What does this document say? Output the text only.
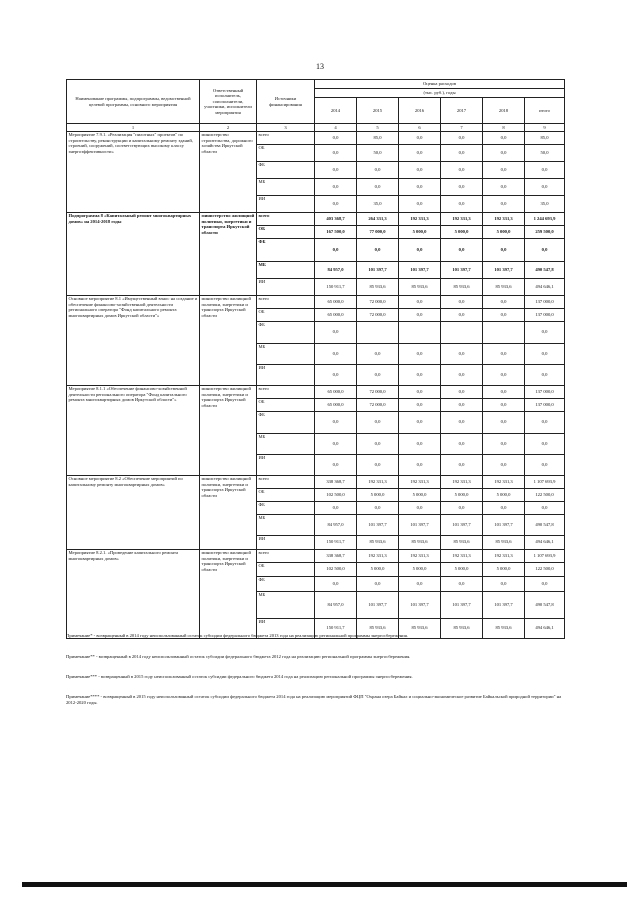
13
Наименование программы, подпрограммы, ведомственной целевой программы, основного мероприятия	Ответственный исполнитель, соисполнители, участники, исполнители мероприятия	Источники финансирования	Оценка расходов					
			(тыс. руб.), годы					
			2014	2015	2016	2017	2018	итого
1	2	3	4	5	6	7	8	9
Мероприятие 7.9.1. «Реализация "пилотных" проектов" по строительству, реконструкции и капитальному ремонту зданий, строений, сооружений, соответствующих высокому классу энергоэффективности»	министерство строительства, дорожного хозяйства Иркутской области	всего	0,0	85,0	0,0	0,0	0,0	85,0
		ОБ	0,0	50,0	0,0	0,0	0,0	50,0
		ФБ	0,0	0,0	0,0	0,0	0,0	0,0
		МБ	0,0	0,0	0,0	0,0	0,0	0,0
		ИИ	0,0	35,0	0,0	0,0	0,0	35,0
Подпрограмма 8 «Капитальный ремонт многоквартирных домов» на 2014-2018 годы	министерство жилищной политики, энергетики и транспорта Иркутской области	всего	403 368,7	264 331,3	192 331,3	192 331,3	192 331,3	1 244 693,9
		ОБ	167 500,0	77 000,0	5 000,0	5 000,0	5 000,0	259 500,0
		ФБ	0,0	0,0	0,0	0,0	0,0	0,0
		МБ	84 957,0	101 397,7	101 397,7	101 397,7	101 397,7	490 547,8
		ИИ	150 911,7	85 933,6	85 933,6	85 933,6	85 933,6	494 646,1
Основное мероприятие 8.1 «Имущественный взнос на создание и обеспечение финансово-хозяйственной деятельности регионального оператора "Фонд капитального ремонта многоквартирных домов Иркутской области"»	министерство жилищной политики, энергетики и транспорта Иркутской области	всего	65 000,0	72 000,0	0,0	0,0	0,0	137 000,0
		ОБ	65 000,0	72 000,0	0,0	0,0	0,0	137 000,0
		ФБ	0,0					0,0
		МБ	0,0	0,0	0,0	0,0	0,0	0,0
		ИИ	0,0	0,0	0,0	0,0	0,0	0,0
Мероприятие 8.1.1 «Обеспечение финансово-хозяйственной деятельности регионального оператора "Фонд капитального ремонта многоквартирных домов Иркутской области"»	министерство жилищной политики, энергетики и транспорта Иркутской области	всего	65 000,0	72 000,0	0,0	0,0	0,0	137 000,0
		ОБ	65 000,0	72 000,0	0,0	0,0	0,0	137 000,0
		ФБ	0,0	0,0	0,0	0,0	0,0	0,0
		МБ	0,0	0,0	0,0	0,0	0,0	0,0
		ИИ	0,0	0,0	0,0	0,0	0,0	0,0
Основное мероприятие 8.2 «Обеспечение мероприятий по капитальному ремонту многоквартирных домов»	министерство жилищной политики, энергетики и транспорта Иркутской области	всего	338 368,7	192 331,3	192 331,3	192 331,3	192 331,3	1 107 693,9
		ОБ	102 500,0	5 000,0	5 000,0	5 000,0	5 000,0	122 500,0
		ФБ	0,0	0,0	0,0	0,0	0,0	0,0
		МБ	84 957,0	101 397,7	101 397,7	101 397,7	101 397,7	490 547,8
		ИИ	150 911,7	85 933,6	85 933,6	85 933,6	85 933,6	494 646,1
Мероприятие 8.2.1. «Проведение капитального ремонта многоквартирных домов»	министерство жилищной политики, энергетики и транспорта Иркутской области	всего	338 368,7	192 331,3	192 331,3	192 331,3	192 331,3	1 107 693,9
		ОБ	102 500,0	5 000,0	5 000,0	5 000,0	5 000,0	122 500,0
		ФБ	0,0	0,0	0,0	0,0	0,0	0,0
		МБ	84 957,0	101 397,7	101 397,7	101 397,7	101 397,7	490 547,8
		ИИ	150 911,7	85 933,6	85 933,6	85 933,6	85 933,6	494 646,1
Примечание* - возвращенный в 2014 году неиспользованный остаток субсидии федерального бюджета 2013 года на реализацию региональной программы энергосбережения.
Примечание** - возвращенный в 2014 году неиспользованный остаток субсидии федерального бюджета 2012 года на реализацию региональной программы энергосбережения.
Примечание*** - возвращенный в 2015 году неиспользованный остаток субсидии федерального бюджета 2014 года на реализацию региональной программы энергосбережения.
Примечание**** - возвращенный в 2015 году неиспользованный остаток субсидии федерального бюджета 2014 года на реализацию мероприятий ФЦП "Охрана озера Байкал и социально-экономическое развитие Байкальской природной территории" на 2012-2020 годы.
